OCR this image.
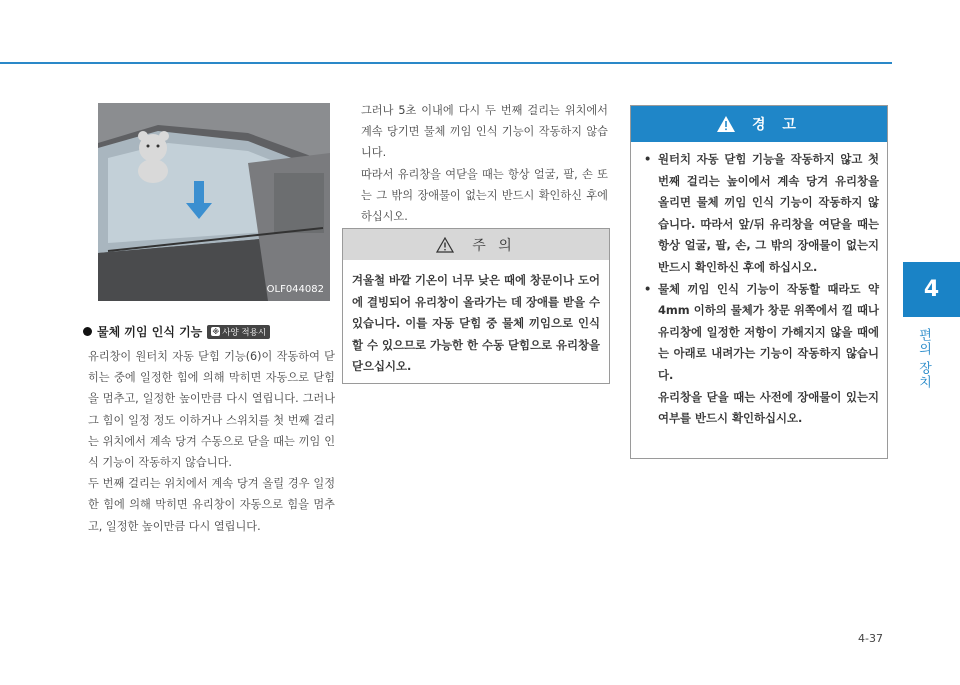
4
편의 장치
OLF044082
물체 끼임 인식 기능 ※ 사양 적용시

유리창이 원터치 자동 닫힘 기능(6)이 작동하여 닫히는 중에 일정한 힘에 의해 막히면 자동으로 닫힘을 멈추고, 일정한 높이만큼 다시 열립니다. 그러나 그 힘이 일정 정도 이하거나 스위치를 첫 번째 걸리는 위치에서 계속 당겨 수동으로 닫을 때는 끼임 인식 기능이 작동하지 않습니다.

두 번째 걸리는 위치에서 계속 당겨 올릴 경우 일정한 힘에 의해 막히면 유리창이 자동으로 힘을 멈추고, 일정한 높이만큼 다시 열립니다.

그러나 5초 이내에 다시 두 번째 걸리는 위치에서 계속 당기면 물체 끼임 인식 기능이 작동하지 않습니다.

따라서 유리창을 여닫을 때는 항상 얼굴, 팔, 손 또는 그 밖의 장애물이 없는지 반드시 확인하신 후에 하십시오.

주 의
겨울철 바깥 기온이 너무 낮은 때에 창문이나 도어에 결빙되어 유리창이 올라가는 데 장애를 받을 수 있습니다. 이를 자동 닫힘 중 물체 끼임으로 인식할 수 있으므로 가능한 한 수동 닫힘으로 유리창을 닫으십시오.
경 고
• 원터치 자동 닫힘 기능을 작동하지 않고 첫 번째 걸리는 높이에서 계속 당겨 유리창을 올리면 물체 끼임 인식 기능이 작동하지 않습니다. 따라서 앞/뒤 유리창을 여닫을 때는 항상 얼굴, 팔, 손, 그 밖의 장애물이 없는지 반드시 확인하신 후에 하십시오.
• 물체 끼임 인식 기능이 작동할 때라도 약 4mm 이하의 물체가 창문 위쪽에서 낄 때나 유리창에 일정한 저항이 가해지지 않을 때에는 아래로 내려가는 기능이 작동하지 않습니다.
유리창을 닫을 때는 사전에 장애물이 있는지 여부를 반드시 확인하십시오.
4-37
